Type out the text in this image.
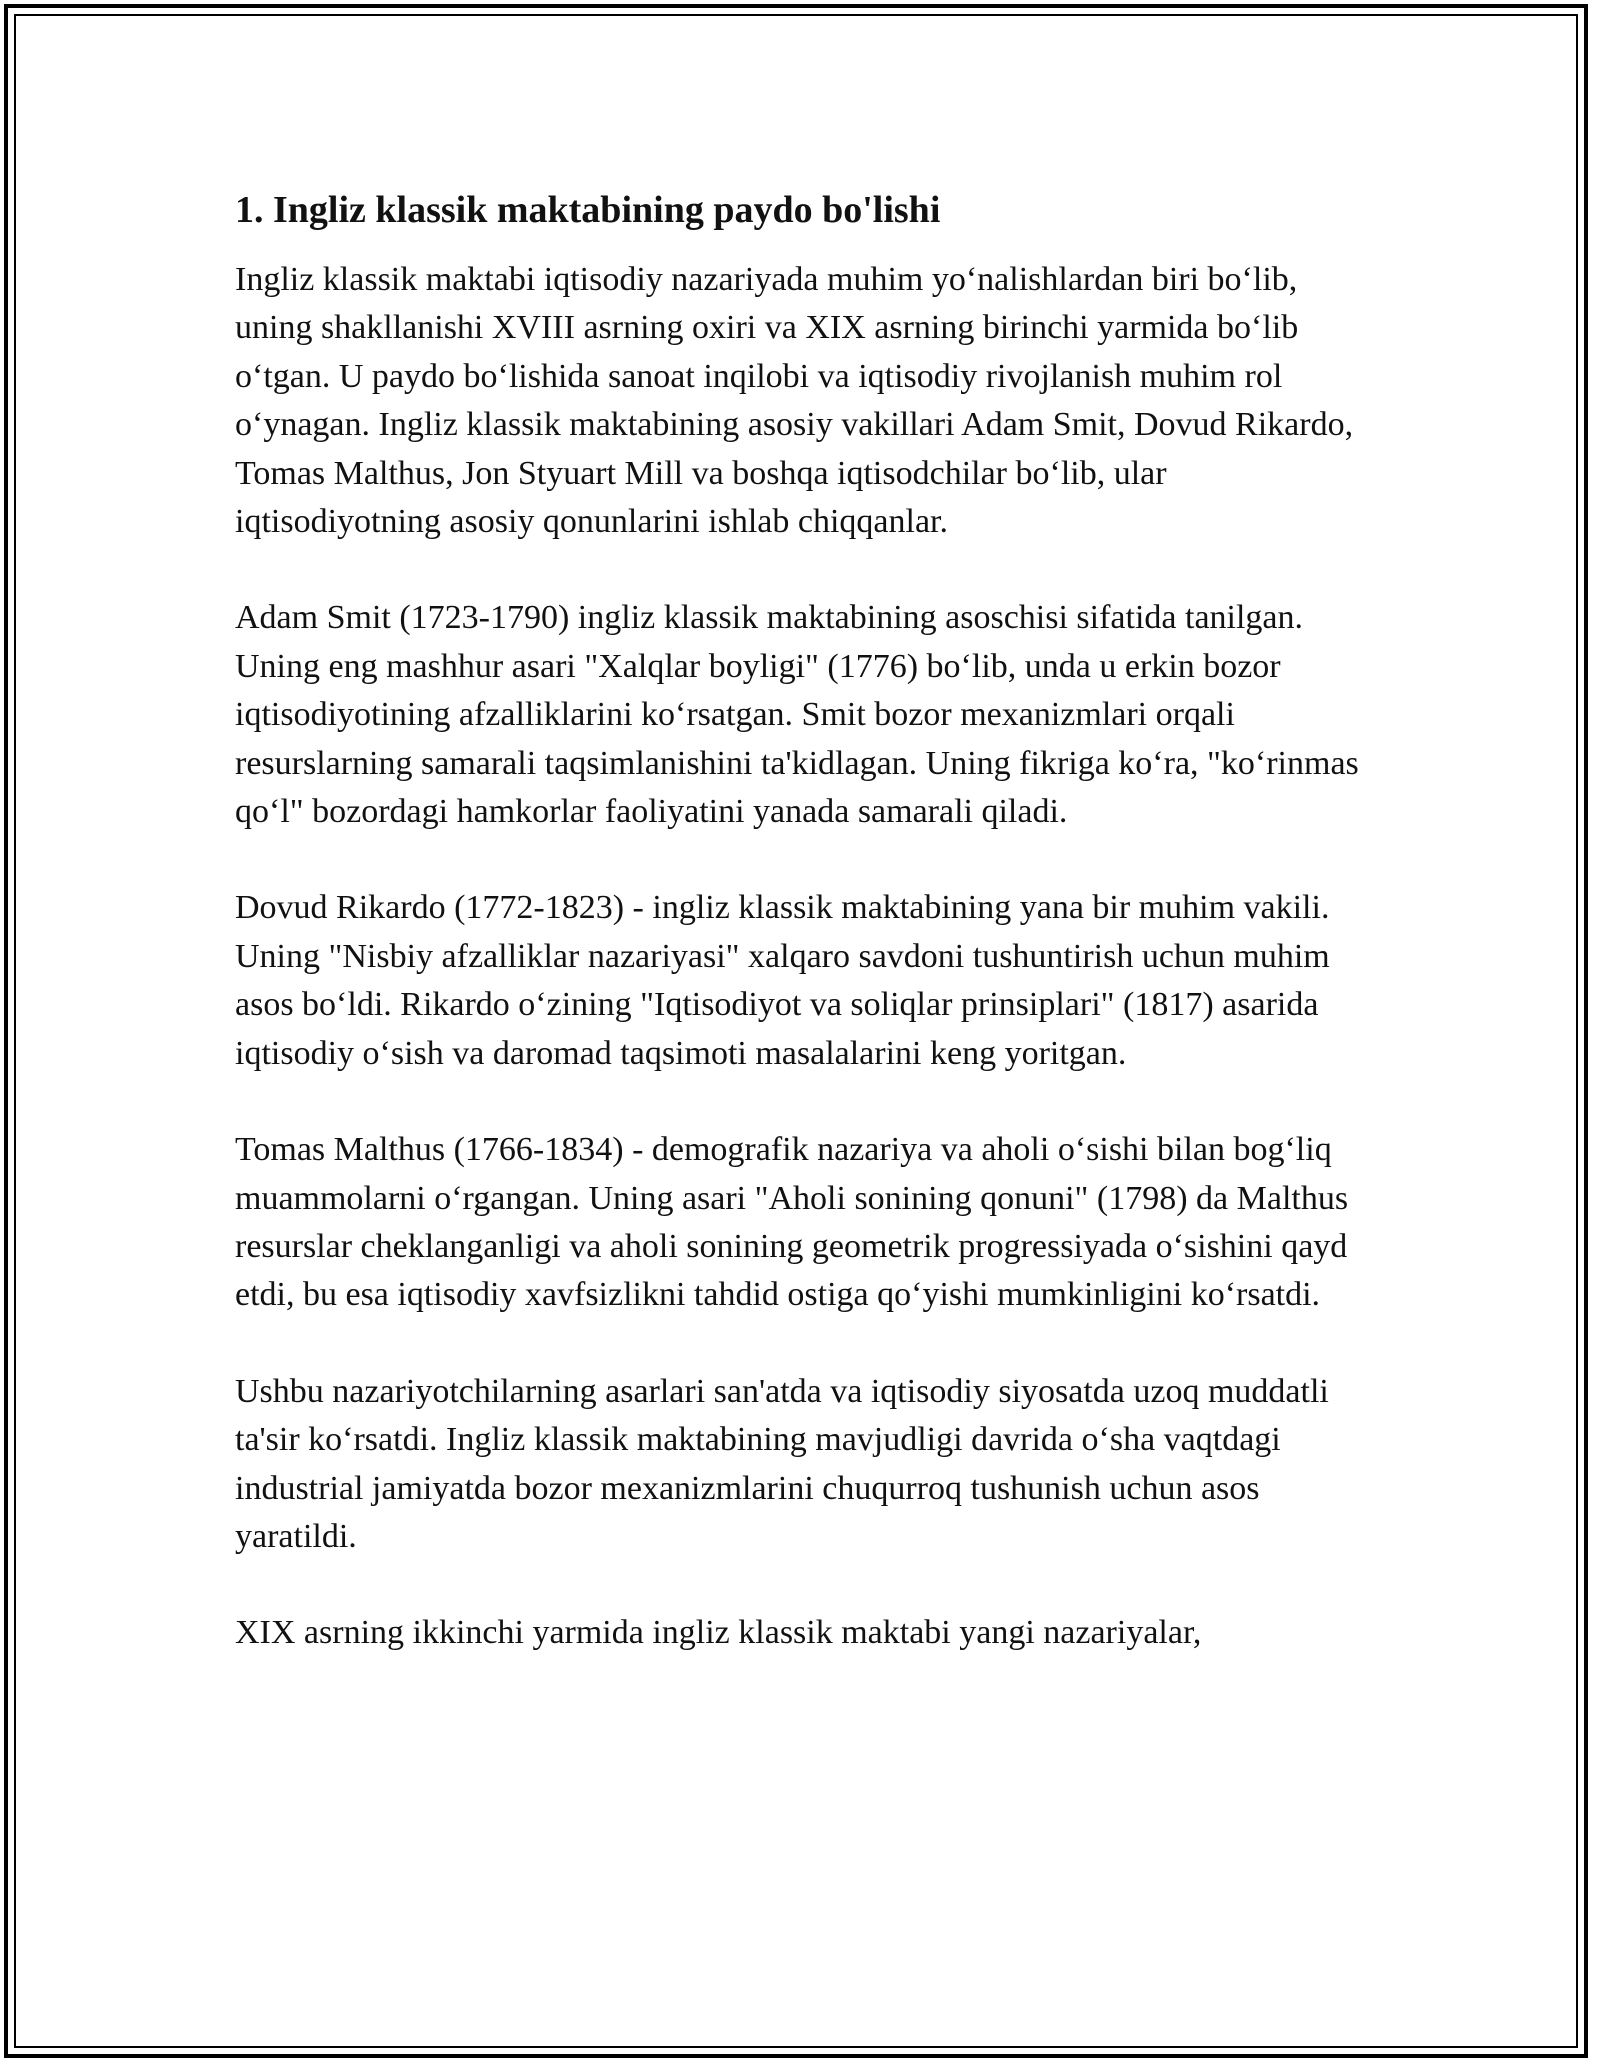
1. Ingliz klassik maktabining paydo bo'lishi

Ingliz klassik maktabi iqtisodiy nazariyada muhim yo‘nalishlardan biri bo‘lib, uning shakllanishi XVIII asrning oxiri va XIX asrning birinchi yarmida bo‘lib o‘tgan. U paydo bo‘lishida sanoat inqilobi va iqtisodiy rivojlanish muhim rol o‘ynagan. Ingliz klassik maktabining asosiy vakillari Adam Smit, Dovud Rikardo, Tomas Malthus, Jon Styuart Mill va boshqa iqtisodchilar bo‘lib, ular iqtisodiyotning asosiy qonunlarini ishlab chiqqanlar.

Adam Smit (1723-1790) ingliz klassik maktabining asoschisi sifatida tanilgan. Uning eng mashhur asari "Xalqlar boyligi" (1776) bo‘lib, unda u erkin bozor iqtisodiyotining afzalliklarini ko‘rsatgan. Smit bozor mexanizmlari orqali resurslarning samarali taqsimlanishini ta'kidlagan. Uning fikriga ko‘ra, "ko‘rinmas qo‘l" bozordagi hamkorlar faoliyatini yanada samarali qiladi.

Dovud Rikardo (1772-1823) - ingliz klassik maktabining yana bir muhim vakili. Uning "Nisbiy afzalliklar nazariyasi" xalqaro savdoni tushuntirish uchun muhim asos bo‘ldi. Rikardo o‘zining "Iqtisodiyot va soliqlar prinsiplari" (1817) asarida iqtisodiy o‘sish va daromad taqsimoti masalalarini keng yoritgan.

Tomas Malthus (1766-1834) - demografik nazariya va aholi o‘sishi bilan bog‘liq muammolarni o‘rgangan. Uning asari "Aholi sonining qonuni" (1798) da Malthus resurslar cheklanganligi va aholi sonining geometrik progressiyada o‘sishini qayd etdi, bu esa iqtisodiy xavfsizlikni tahdid ostiga qo‘yishi mumkinligini ko‘rsatdi.

Ushbu nazariyotchilarning asarlari san'atda va iqtisodiy siyosatda uzoq muddatli ta'sir ko‘rsatdi. Ingliz klassik maktabining mavjudligi davrida o‘sha vaqtdagi industrial jamiyatda bozor mexanizmlarini chuqurroq tushunish uchun asos yaratildi.

XIX asrning ikkinchi yarmida ingliz klassik maktabi yangi nazariyalar,
